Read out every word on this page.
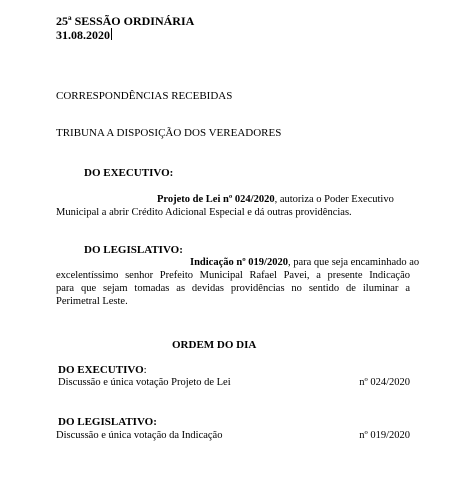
25ª SESSÃO ORDINÁRIA
31.08.2020
CORRESPONDÊNCIAS RECEBIDAS
TRIBUNA A DISPOSIÇÃO DOS VEREADORES
DO EXECUTIVO:
Projeto de Lei nº 024/2020, autoriza o Poder Executivo
Municipal a abrir Crédito Adicional Especial e dá outras providências.
DO LEGISLATIVO:
Indicação nº 019/2020, para que seja encaminhado ao
excelentíssimo senhor Prefeito Municipal Rafael Pavei, a presente Indicação
para que sejam tomadas as devidas providências no sentido de iluminar a
Perimetral Leste.
ORDEM DO DIA
DO EXECUTIVO:
Discussão e única votação Projeto de Lei	nº 024/2020
DO LEGISLATIVO:
Discussão e única votação da Indicação	nº 019/2020
